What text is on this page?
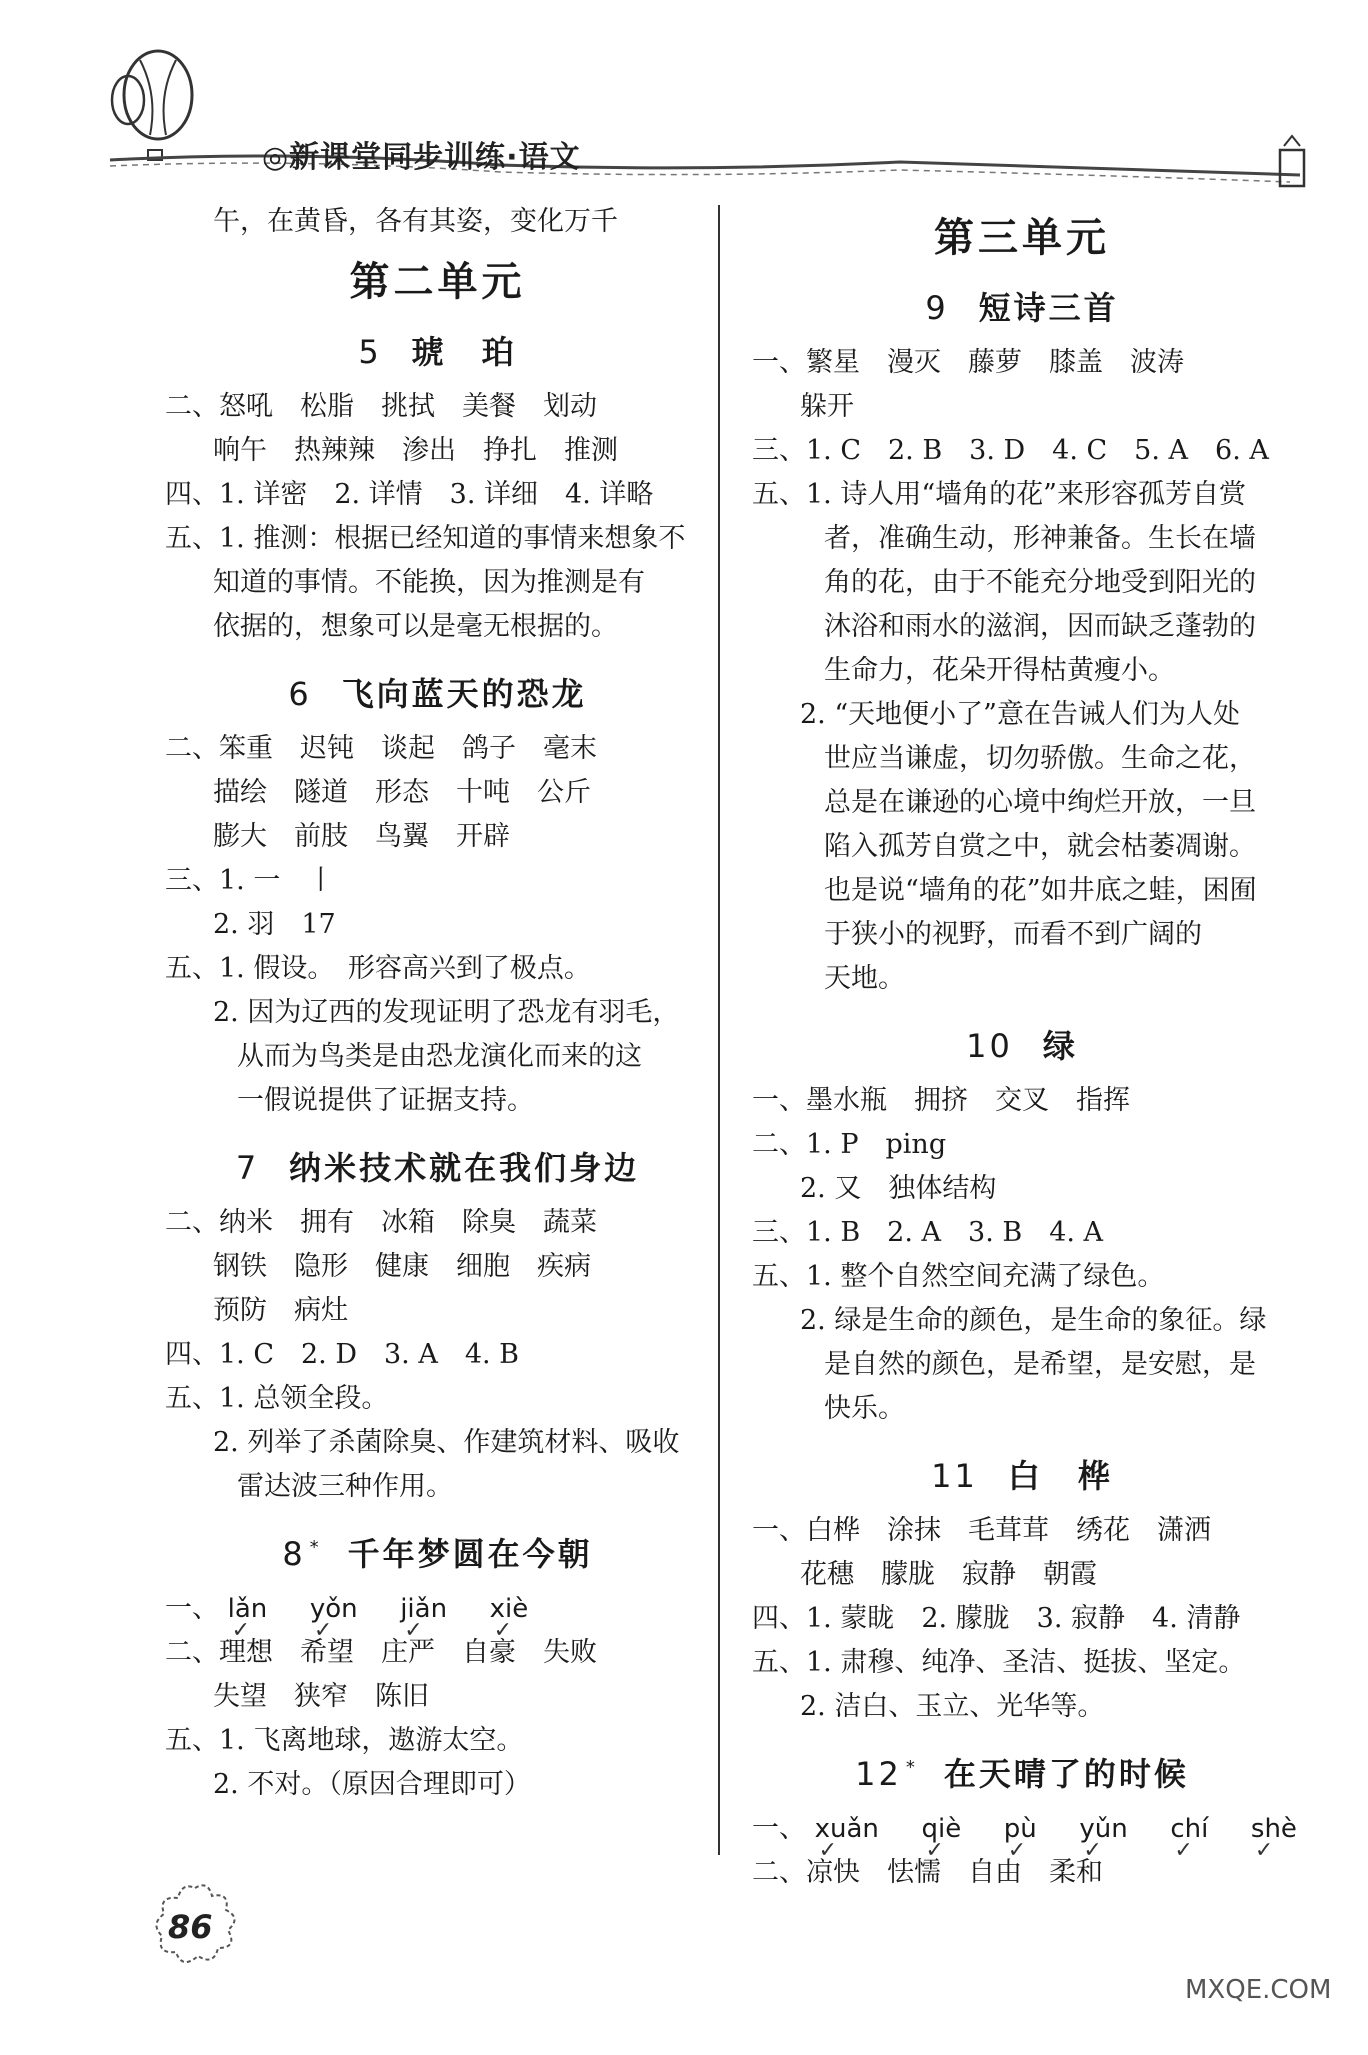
◎新课堂同步训练·语文
午，在黄昏，各有其姿，变化万千
第二单元
5 琥　珀
二、怒吼　松脂　挑拭　美餐　划动
响午　热辣辣　渗出　挣扎　推测
四、1. 详密　2. 详情　3. 详细　4. 详略
五、1. 推测：根据已经知道的事情来想象不
知道的事情。不能换，因为推测是有
依据的，想象可以是毫无根据的。
6 飞向蓝天的恐龙
二、笨重　迟钝　谈起　鸽子　毫末
描绘　隧道　形态　十吨　公斤
膨大　前肢　鸟翼　开辟
三、1. 一　丨
2. 羽　17
五、1. 假设。　形容高兴到了极点。
2. 因为辽西的发现证明了恐龙有羽毛，
从而为鸟类是由恐龙演化而来的这
一假说提供了证据支持。
7 纳米技术就在我们身边
二、纳米　拥有　冰箱　除臭　蔬菜
钢铁　隐形　健康　细胞　疾病
预防　病灶
四、1. C　2. D　3. A　4. B
五、1. 总领全段。
2. 列举了杀菌除臭、作建筑材料、吸收
雷达波三种作用。
8 * 千年梦圆在今朝
一、 lǎn
✓
yǒn
✓
jiǎn
✓
xiè
✓
二、理想　希望　庄严　自豪　失败
失望　狭窄　陈旧
五、1. 飞离地球，遨游太空。
2. 不对。（原因合理即可）
第三单元
9 短诗三首
一、繁星　漫灭　藤萝　膝盖　波涛
躲开
三、1. C　2. B　3. D　4. C　5. A　6. A
五、1. 诗人用“墙角的花”来形容孤芳自赏
者，准确生动，形神兼备。生长在墙
角的花，由于不能充分地受到阳光的
沐浴和雨水的滋润，因而缺乏蓬勃的
生命力，花朵开得枯黄瘦小。
2. “天地便小了”意在告诫人们为人处
世应当谦虚，切勿骄傲。生命之花，
总是在谦逊的心境中绚烂开放，一旦
陷入孤芳自赏之中，就会枯萎凋谢。
也是说“墙角的花”如井底之蛙，困囿
于狭小的视野，而看不到广阔的
天地。
10 绿
一、墨水瓶　拥挤　交叉　指挥
二、1. P　ping
2. 又　独体结构
三、1. B　2. A　3. B　4. A
五、1. 整个自然空间充满了绿色。
2. 绿是生命的颜色，是生命的象征。绿
是自然的颜色，是希望，是安慰，是
快乐。
11 白　桦
一、白桦　涂抹　毛茸茸　绣花　潇洒
花穗　朦胧　寂静　朝霞
四、1. 蒙眬　2. 朦胧　3. 寂静　4. 清静
五、1. 肃穆、纯净、圣洁、挺拔、坚定。
2. 洁白、玉立、光华等。
12 * 在天晴了的时候
一、 xuǎn
✓
qiè
✓
pù
✓
yǔn
✓
chí
✓
shè
✓
二、凉快　怯懦　自由　柔和
86
MXQE.COM
